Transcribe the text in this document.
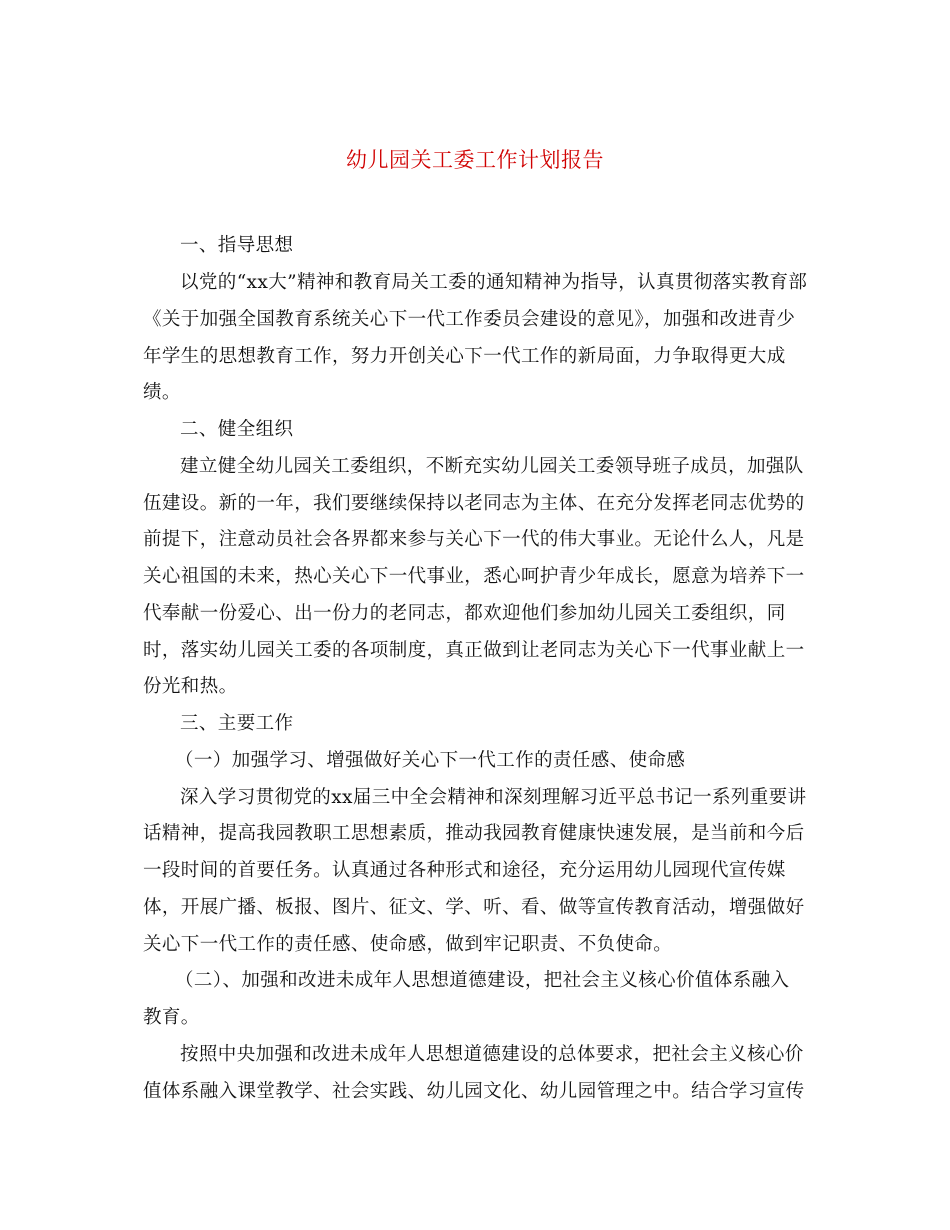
幼儿园关工委工作计划报告
一、指导思想
以党的“xx大”精神和教育局关工委的通知精神为指导，认真贯彻落实教育部
《关于加强全国教育系统关心下一代工作委员会建设的意见》，加强和改进青少
年学生的思想教育工作，努力开创关心下一代工作的新局面，力争取得更大成
绩。
二、健全组织
建立健全幼儿园关工委组织，不断充实幼儿园关工委领导班子成员，加强队
伍建设。新的一年，我们要继续保持以老同志为主体、在充分发挥老同志优势的
前提下，注意动员社会各界都来参与关心下一代的伟大事业。无论什么人，凡是
关心祖国的未来，热心关心下一代事业，悉心呵护青少年成长，愿意为培养下一
代奉献一份爱心、出一份力的老同志，都欢迎他们参加幼儿园关工委组织，同
时，落实幼儿园关工委的各项制度，真正做到让老同志为关心下一代事业献上一
份光和热。
三、主要工作
（一）加强学习、增强做好关心下一代工作的责任感、使命感
深入学习贯彻党的xx届三中全会精神和深刻理解习近平总书记一系列重要讲
话精神，提高我园教职工思想素质，推动我园教育健康快速发展，是当前和今后
一段时间的首要任务。认真通过各种形式和途径，充分运用幼儿园现代宣传媒
体，开展广播、板报、图片、征文、学、听、看、做等宣传教育活动，增强做好
关心下一代工作的责任感、使命感，做到牢记职责、不负使命。
（二）、加强和改进未成年人思想道德建设，把社会主义核心价值体系融入
教育。
按照中央加强和改进未成年人思想道德建设的总体要求，把社会主义核心价
值体系融入课堂教学、社会实践、幼儿园文化、幼儿园管理之中。结合学习宣传
